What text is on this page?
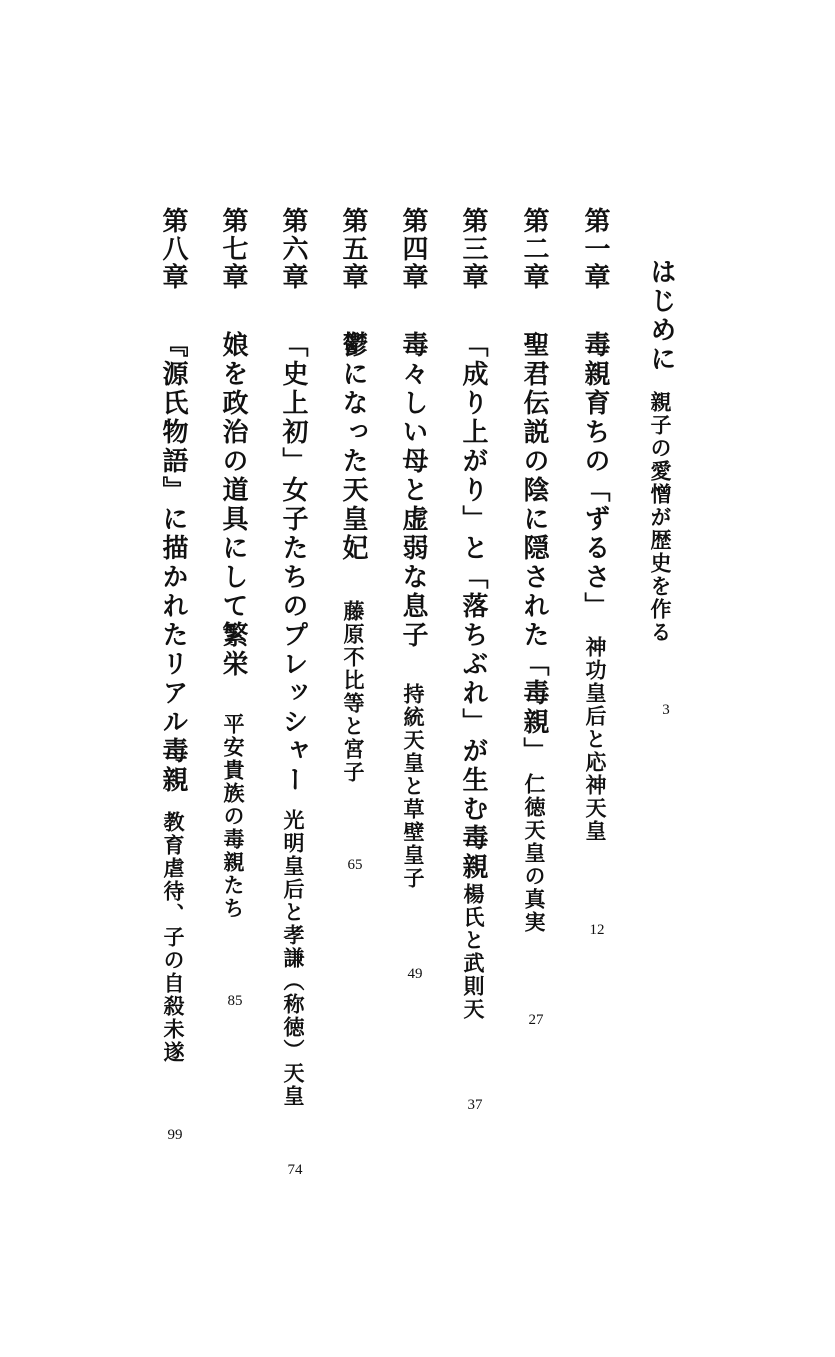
はじめに
親子の愛憎が歴史を作る
3
第一章
毒親育ちの「ずるさ」
神功皇后と応神天皇
12
第二章
聖君伝説の陰に隠された「毒親」
仁徳天皇の真実
27
第三章
「成り上がり」と「落ちぶれ」が生む毒親
楊氏と武則天
37
第四章
毒々しい母と虚弱な息子
持統天皇と草壁皇子
49
第五章
鬱になった天皇妃
藤原不比等と宮子
65
第六章
「史上初」女子たちのプレッシャー
光明皇后と孝謙（称徳）天皇
74
第七章
娘を政治の道具にして繁栄
平安貴族の毒親たち
85
第八章
『源氏物語』に描かれたリアル毒親
教育虐待、子の自殺未遂
99
